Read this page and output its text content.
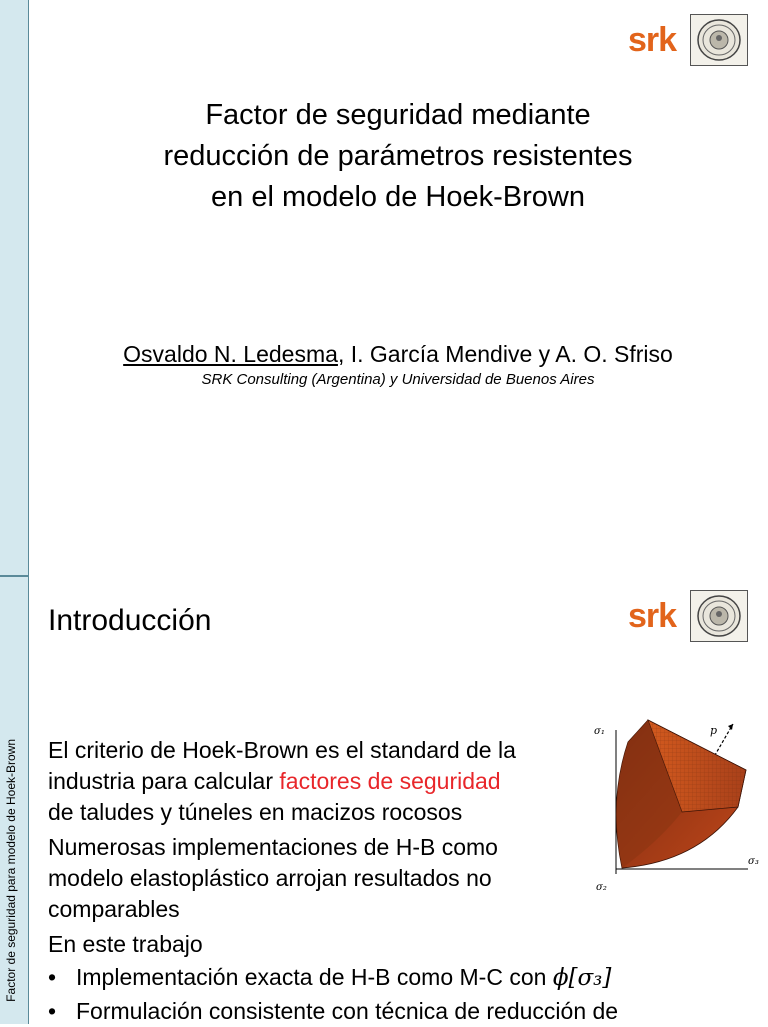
Factor de seguridad para modelo de Hoek-Brown
srk
Factor de seguridad mediante
reducción de parámetros resistentes
en el modelo de Hoek-Brown
Osvaldo N. Ledesma, I. García Mendive y A. O. Sfriso
SRK Consulting (Argentina) y Universidad de Buenos Aires
srk
Introducción
El criterio de Hoek-Brown es el standard de la
industria para calcular factores de seguridad
de taludes y túneles en macizos rocosos
Numerosas implementaciones de H-B como
modelo elastoplástico arrojan resultados no
comparables
En este trabajo
• Implementación exacta de H-B como M-C con ϕ[σ₃]
• Formulación consistente con técnica de reducción de
σ₁
σ₂
σ₃
p
